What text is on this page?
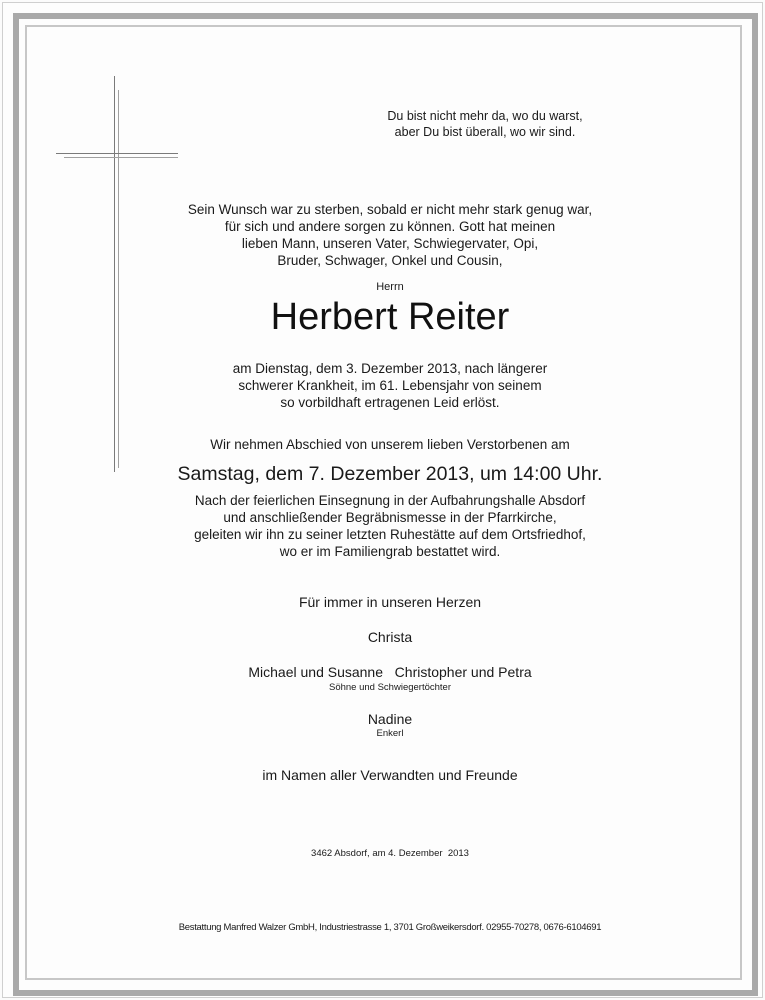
Du bist nicht mehr da, wo du warst,
aber Du bist überall, wo wir sind.
Sein Wunsch war zu sterben, sobald er nicht mehr stark genug war,
für sich und andere sorgen zu können. Gott hat meinen
lieben Mann, unseren Vater, Schwiegervater, Opi,
Bruder, Schwager, Onkel und Cousin,
Herrn
Herbert Reiter
am Dienstag, dem 3. Dezember 2013, nach längerer
schwerer Krankheit, im 61. Lebensjahr von seinem
so vorbildhaft ertragenen Leid erlöst.
Wir nehmen Abschied von unserem lieben Verstorbenen am
Samstag, dem 7. Dezember 2013, um 14:00 Uhr.
Nach der feierlichen Einsegnung in der Aufbahrungshalle Absdorf
und anschließender Begräbnismesse in der Pfarrkirche,
geleiten wir ihn zu seiner letzten Ruhestätte auf dem Ortsfriedhof,
wo er im Familiengrab bestattet wird.
Für immer in unseren Herzen
Christa
Michael und Susanne   Christopher und Petra
Söhne und Schwiegertöchter
Nadine
Enkerl
im Namen aller Verwandten und Freunde
3462 Absdorf, am 4. Dezember  2013
Bestattung Manfred Walzer GmbH, Industriestrasse 1, 3701 Großweikersdorf. 02955-70278, 0676-6104691
